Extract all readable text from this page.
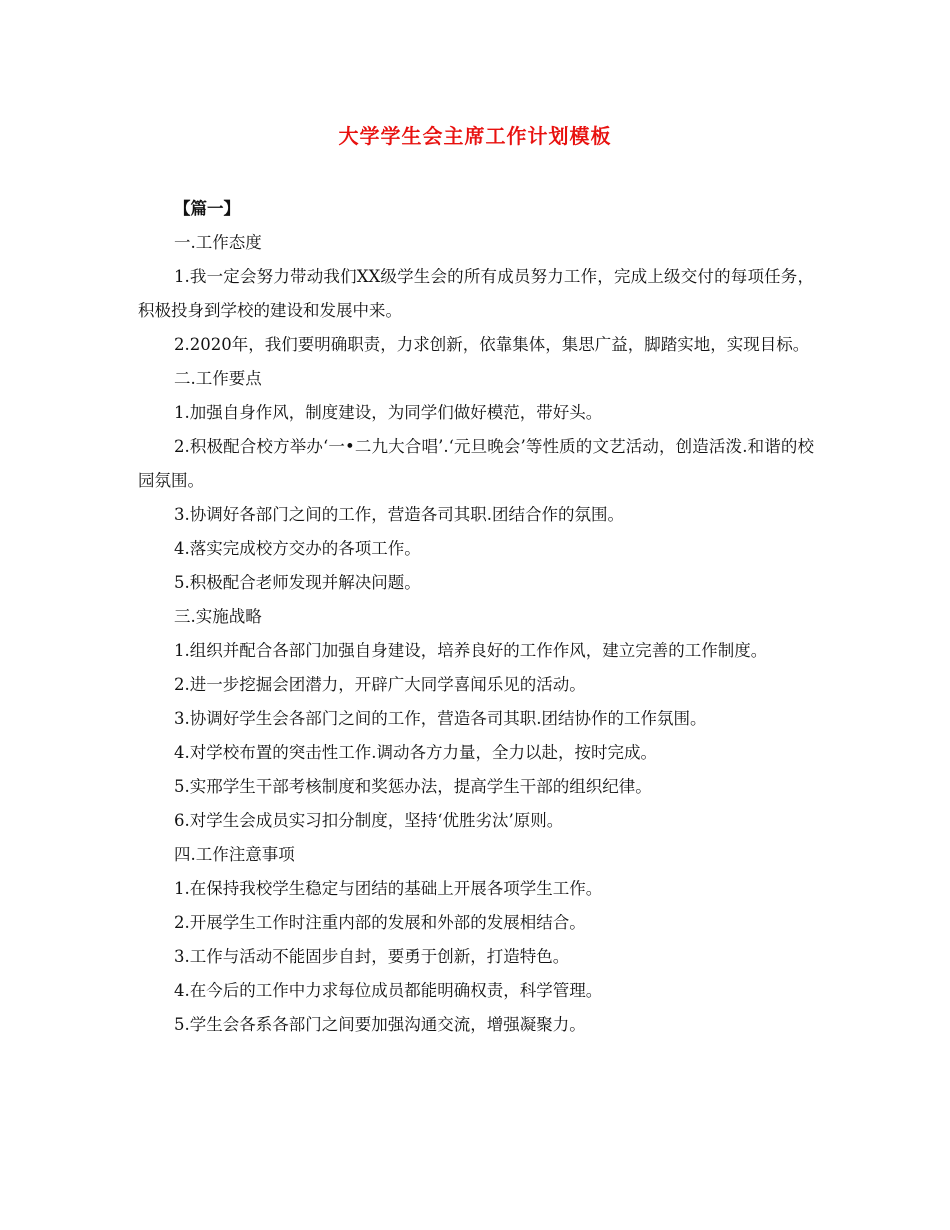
大学学生会主席工作计划模板

【篇一】

一.工作态度

1.我一定会努力带动我们XX级学生会的所有成员努力工作，完成上级交付的每项任务，积极投身到学校的建设和发展中来。

2.2020年，我们要明确职责，力求创新，依靠集体，集思广益，脚踏实地，实现目标。

二.工作要点

1.加强自身作风，制度建设，为同学们做好模范，带好头。

2.积极配合校方举办‘一•二九大合唱’.‘元旦晚会’等性质的文艺活动，创造活泼.和谐的校园氛围。

3.协调好各部门之间的工作，营造各司其职.团结合作的氛围。

4.落实完成校方交办的各项工作。

5.积极配合老师发现并解决问题。

三.实施战略

1.组织并配合各部门加强自身建设，培养良好的工作作风，建立完善的工作制度。

2.进一步挖掘会团潜力，开辟广大同学喜闻乐见的活动。

3.协调好学生会各部门之间的工作，营造各司其职.团结协作的工作氛围。

4.对学校布置的突击性工作.调动各方力量，全力以赴，按时完成。

5.实邢学生干部考核制度和奖惩办法，提高学生干部的组织纪律。

6.对学生会成员实习扣分制度，坚持‘优胜劣汰’原则。

四.工作注意事项

1.在保持我校学生稳定与团结的基础上开展各项学生工作。

2.开展学生工作时注重内部的发展和外部的发展相结合。

3.工作与活动不能固步自封，要勇于创新，打造特色。

4.在今后的工作中力求每位成员都能明确权责，科学管理。

5.学生会各系各部门之间要加强沟通交流，增强凝聚力。
